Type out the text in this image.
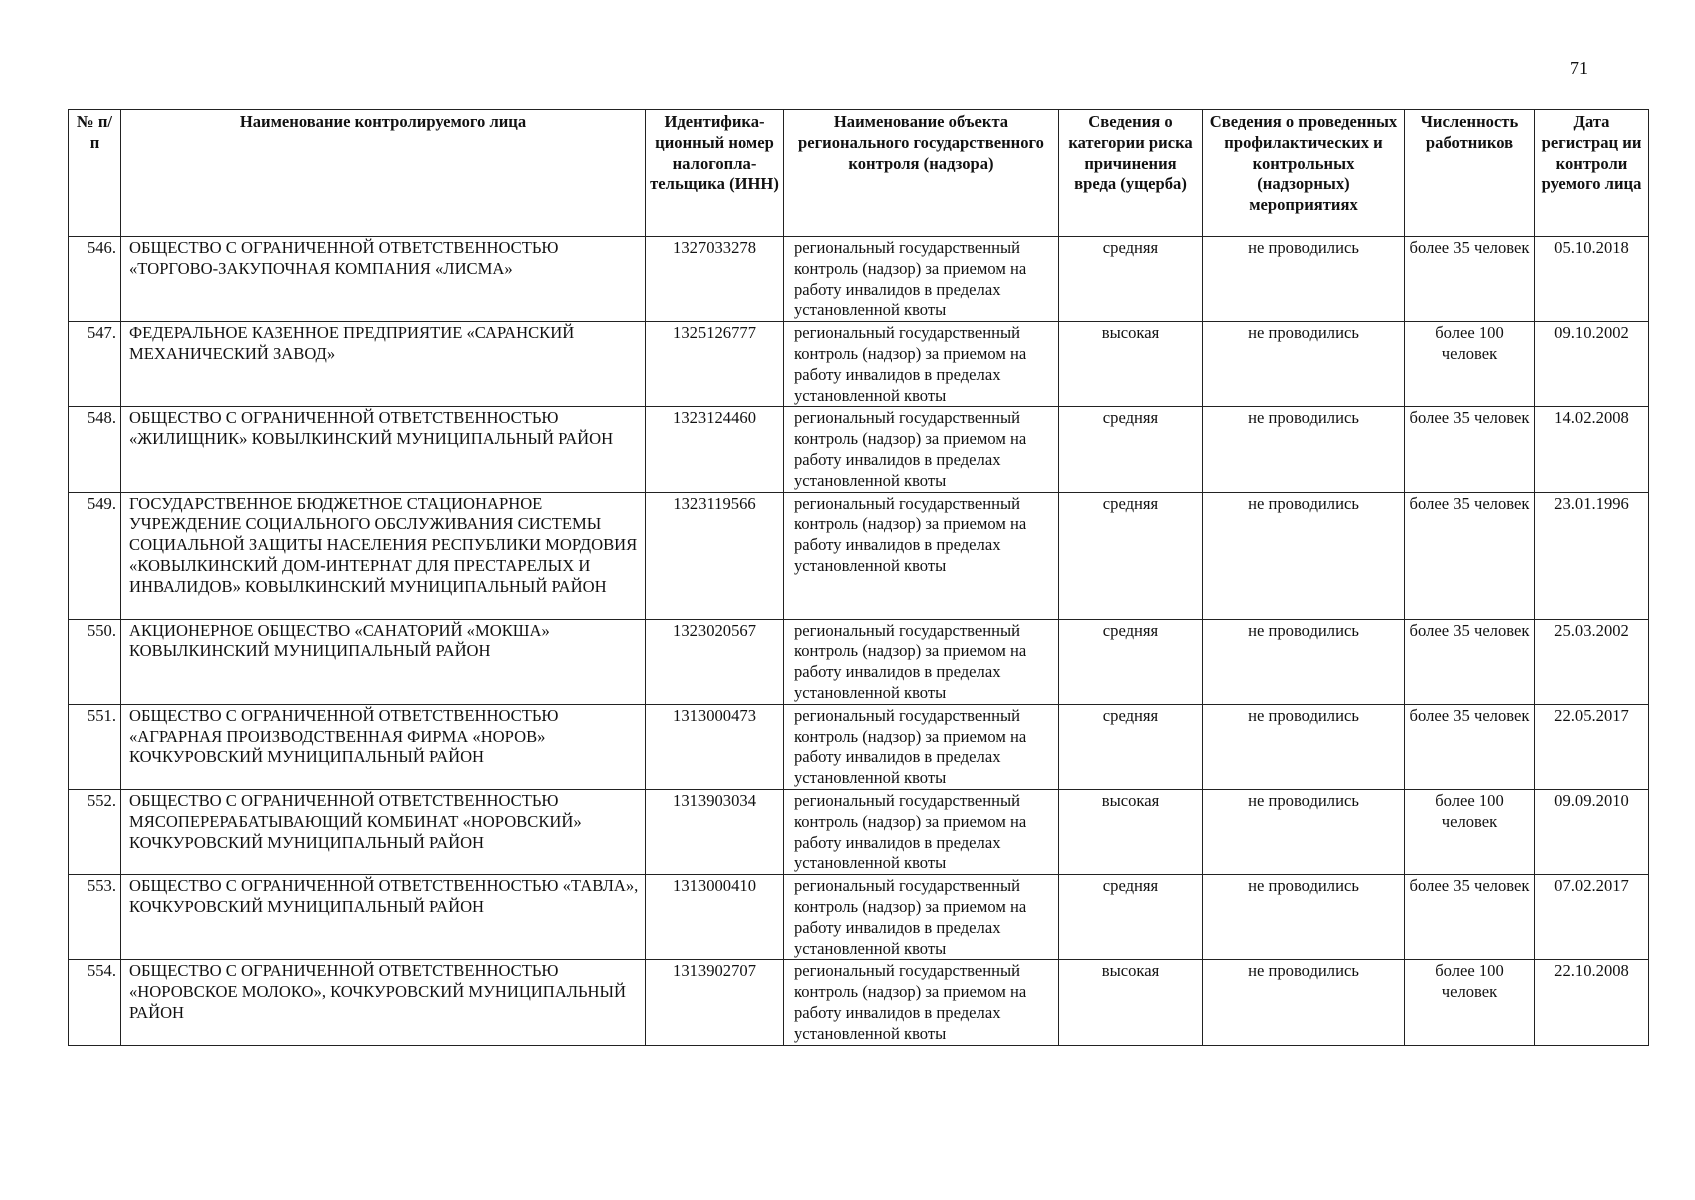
71
№ п/п	Наименование контролируемого лица	Идентифика- ционный номер налогопла- тельщика (ИНН)	Наименование объекта регионального государственного контроля (надзора)	Сведения о категории риска причинения вреда (ущерба)	Сведения о проведенных профилактических и контрольных (надзорных) мероприятиях	Численность работников	Дата регистрац ии контроли руемого лица
546.	ОБЩЕСТВО С ОГРАНИЧЕННОЙ ОТВЕТСТВЕННОСТЬЮ «ТОРГОВО-ЗАКУПОЧНАЯ КОМПАНИЯ «ЛИСМА»	1327033278	региональный государственный контроль (надзор) за приемом на работу инвалидов в пределах установленной квоты	средняя	не проводились	более 35 человек	05.10.2018
547.	ФЕДЕРАЛЬНОЕ КАЗЕННОЕ ПРЕДПРИЯТИЕ «САРАНСКИЙ МЕХАНИЧЕСКИЙ ЗАВОД»	1325126777	региональный государственный контроль (надзор) за приемом на работу инвалидов в пределах установленной квоты	высокая	не проводились	более 100 человек	09.10.2002
548.	ОБЩЕСТВО С ОГРАНИЧЕННОЙ ОТВЕТСТВЕННОСТЬЮ «ЖИЛИЩНИК» КОВЫЛКИНСКИЙ МУНИЦИПАЛЬНЫЙ РАЙОН	1323124460	региональный государственный контроль (надзор) за приемом на работу инвалидов в пределах установленной квоты	средняя	не проводились	более 35 человек	14.02.2008
549.	ГОСУДАРСТВЕННОЕ БЮДЖЕТНОЕ СТАЦИОНАРНОЕ УЧРЕЖДЕНИЕ СОЦИАЛЬНОГО ОБСЛУЖИВАНИЯ СИСТЕМЫ СОЦИАЛЬНОЙ ЗАЩИТЫ НАСЕЛЕНИЯ РЕСПУБЛИКИ МОРДОВИЯ «КОВЫЛКИНСКИЙ ДОМ-ИНТЕРНАТ ДЛЯ ПРЕСТАРЕЛЫХ И ИНВАЛИДОВ» КОВЫЛКИНСКИЙ МУНИЦИПАЛЬНЫЙ РАЙОН	1323119566	региональный государственный контроль (надзор) за приемом на работу инвалидов в пределах установленной квоты	средняя	не проводились	более 35 человек	23.01.1996
550.	АКЦИОНЕРНОЕ ОБЩЕСТВО «САНАТОРИЙ «МОКША» КОВЫЛКИНСКИЙ МУНИЦИПАЛЬНЫЙ РАЙОН	1323020567	региональный государственный контроль (надзор) за приемом на работу инвалидов в пределах установленной квоты	средняя	не проводились	более 35 человек	25.03.2002
551.	ОБЩЕСТВО С ОГРАНИЧЕННОЙ ОТВЕТСТВЕННОСТЬЮ «АГРАРНАЯ ПРОИЗВОДСТВЕННАЯ ФИРМА «НОРОВ» КОЧКУРОВСКИЙ МУНИЦИПАЛЬНЫЙ РАЙОН	1313000473	региональный государственный контроль (надзор) за приемом на работу инвалидов в пределах установленной квоты	средняя	не проводились	более 35 человек	22.05.2017
552.	ОБЩЕСТВО С ОГРАНИЧЕННОЙ ОТВЕТСТВЕННОСТЬЮ МЯСОПЕРЕРАБАТЫВАЮЩИЙ КОМБИНАТ «НОРОВСКИЙ» КОЧКУРОВСКИЙ МУНИЦИПАЛЬНЫЙ РАЙОН	1313903034	региональный государственный контроль (надзор) за приемом на работу инвалидов в пределах установленной квоты	высокая	не проводились	более 100 человек	09.09.2010
553.	ОБЩЕСТВО С ОГРАНИЧЕННОЙ ОТВЕТСТВЕННОСТЬЮ «ТАВЛА», КОЧКУРОВСКИЙ МУНИЦИПАЛЬНЫЙ РАЙОН	1313000410	региональный государственный контроль (надзор) за приемом на работу инвалидов в пределах установленной квоты	средняя	не проводились	более 35 человек	07.02.2017
554.	ОБЩЕСТВО С ОГРАНИЧЕННОЙ ОТВЕТСТВЕННОСТЬЮ «НОРОВСКОЕ МОЛОКО», КОЧКУРОВСКИЙ МУНИЦИПАЛЬНЫЙ РАЙОН	1313902707	региональный государственный контроль (надзор) за приемом на работу инвалидов в пределах установленной квоты	высокая	не проводились	более 100 человек	22.10.2008
